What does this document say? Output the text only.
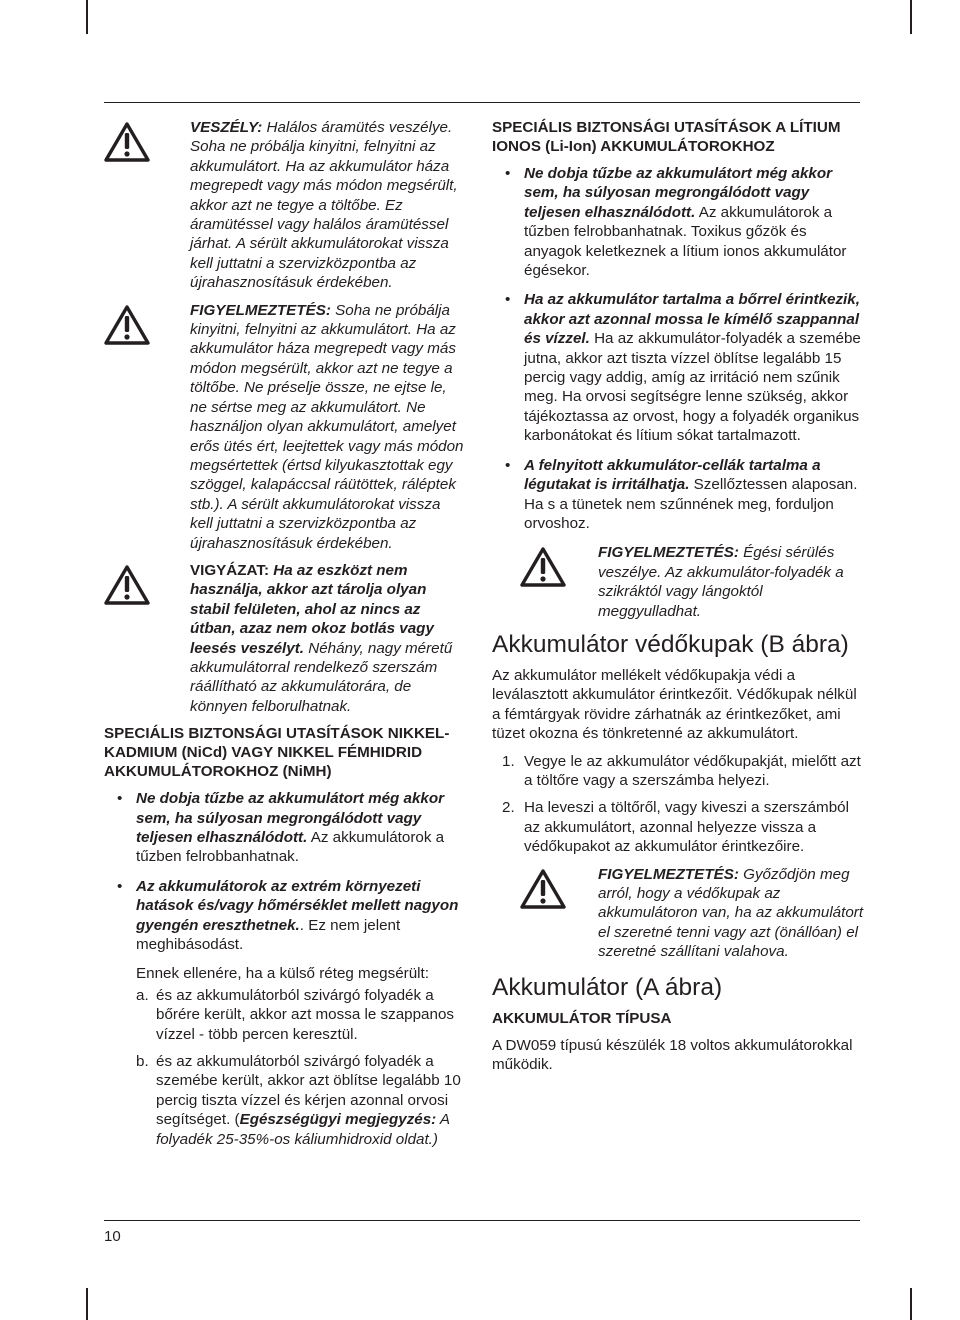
VESZÉLY: Halálos áramütés veszélye. Soha ne próbálja kinyitni, felnyitni az akkumulátort. Ha az akkumulátor háza megrepedt vagy más módon megsérült, akkor azt ne tegye a töltőbe. Ez áramütéssel vagy halálos áramütéssel járhat. A sérült akkumulátorokat vissza kell juttatni a szervizközpontba az újrahasznosításuk érdekében.
FIGYELMEZTETÉS: Soha ne próbálja kinyitni, felnyitni az akkumulátort. Ha az akkumulátor háza megrepedt vagy más módon megsérült, akkor azt ne tegye a töltőbe. Ne préselje össze, ne ejtse le, ne sértse meg az akkumulátort. Ne használjon olyan akkumulátort, amelyet erős ütés ért, leejtettek vagy más módon megsértettek (értsd kilyukasztottak egy szöggel, kalapáccsal ráütöttek, ráléptek stb.). A sérült akkumulátorokat vissza kell juttatni a szervizközpontba az újrahasznosításuk érdekében.
VIGYÁZAT: Ha az eszközt nem használja, akkor azt tárolja olyan stabil felületen, ahol az nincs az útban, azaz nem okoz botlás vagy leesés veszélyt. Néhány, nagy méretű akkumulátorral rendelkező szerszám ráállítható az akkumulátorára, de könnyen felborulhatnak.
SPECIÁLIS BIZTONSÁGI UTASÍTÁSOK NIKKEL-KADMIUM (NiCd) VAGY NIKKEL FÉMHIDRID AKKUMULÁTOROKHOZ (NiMH)
• Ne dobja tűzbe az akkumulátort még akkor sem, ha súlyosan megrongálódott vagy teljesen elhasználódott. Az akkumulátorok a tűzben felrobbanhatnak.
• Az akkumulátorok az extrém környezeti hatások és/vagy hőmérséklet mellett nagyon gyengén ereszthetnek.. Ez nem jelent meghibásodást.
Ennek ellenére, ha a külső réteg megsérült:
a. és az akkumulátorból szivárgó folyadék a bőrére került, akkor azt mossa le szappanos vízzel - több percen keresztül.
b. és az akkumulátorból szivárgó folyadék a szemébe került, akkor azt öblítse legalább 10 percig tiszta vízzel és kérjen azonnal orvosi segítséget. (Egészségügyi megjegyzés: A folyadék 25-35%-os káliumhidroxid oldat.)
SPECIÁLIS BIZTONSÁGI UTASÍTÁSOK A LÍTIUM IONOS (Li-Ion) AKKUMULÁTOROKHOZ
• Ne dobja tűzbe az akkumulátort még akkor sem, ha súlyosan megrongálódott vagy teljesen elhasználódott. Az akkumulátorok a tűzben felrobbanhatnak. Toxikus gőzök és anyagok keletkeznek a lítium ionos akkumulátor égésekor.
• Ha az akkumulátor tartalma a bőrrel érintkezik, akkor azt azonnal mossa le kímélő szappannal és vízzel. Ha az akkumulátor-folyadék a szemébe jutna, akkor azt tiszta vízzel öblítse legalább 15 percig vagy addig, amíg az irritáció nem szűnik meg. Ha orvosi segítségre lenne szükség, akkor tájékoztassa az orvost, hogy a folyadék organikus karbonátokat és lítium sókat tartalmazott.
• A felnyitott akkumulátor-cellák tartalma a légutakat is irritálhatja. Szellőztessen alaposan. Ha s a tünetek nem szűnnének meg, forduljon orvoshoz.
FIGYELMEZTETÉS: Égési sérülés veszélye. Az akkumulátor-folyadék a szikráktól vagy lángoktól meggyulladhat.
Akkumulátor védőkupak (B ábra)

Az akkumulátor mellékelt védőkupakja védi a leválasztott akkumulátor érintkezőit. Védőkupak nélkül a fémtárgyak rövidre zárhatnák az érintkezőket, ami tüzet okozna és tönkretenné az akkumulátort.

1. Vegye le az akkumulátor védőkupakját, mielőtt azt a töltőre vagy a szerszámba helyezi.
2. Ha leveszi a töltőről, vagy kiveszi a szerszámból az akkumulátort, azonnal helyezze vissza a védőkupakot az akkumulátor érintkezőire.
FIGYELMEZTETÉS: Győződjön meg arról, hogy a védőkupak az akkumulátoron van, ha az akkumulátort el szeretné tenni vagy azt (önállóan) el szeretné szállítani valahova.
Akkumulátor (A ábra)
AKKUMULÁTOR TÍPUSA

A DW059 típusú készülék 18 voltos akkumulátorokkal működik.

10
